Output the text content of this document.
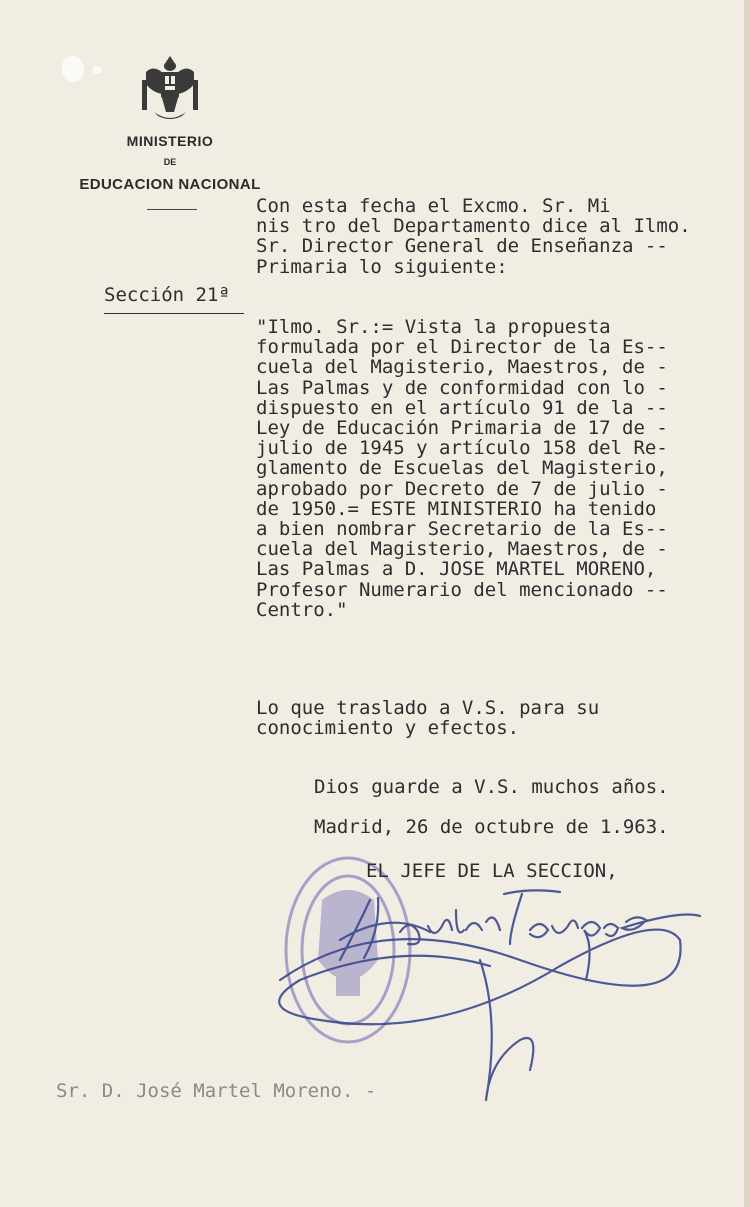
MINISTERIO
DE
EDUCACION NACIONAL
Sección 21ª
Con esta fecha el Excmo. Sr. Mi
nis tro del Departamento dice al Ilmo.
Sr. Director General de Enseñanza --
Primaria lo siguiente:
"Ilmo. Sr.:= Vista la propuesta
formulada por el Director de la Es--
cuela del Magisterio, Maestros, de -
Las Palmas y de conformidad con lo -
dispuesto en el artículo 91 de la --
Ley de Educación Primaria de 17 de -
julio de 1945 y artículo 158 del Re-
glamento de Escuelas del Magisterio,
aprobado por Decreto de 7 de julio -
de 1950.= ESTE MINISTERIO ha tenido
a bien nombrar Secretario de la Es--
cuela del Magisterio, Maestros, de -
Las Palmas a D. JOSE MARTEL MORENO,
Profesor Numerario del mencionado --
Centro."
Lo que traslado a V.S. para su
conocimiento y efectos.
Dios guarde a V.S. muchos años.
Madrid, 26 de octubre de 1.963.
EL JEFE DE LA SECCION,
Sr. D. José Martel Moreno. -
